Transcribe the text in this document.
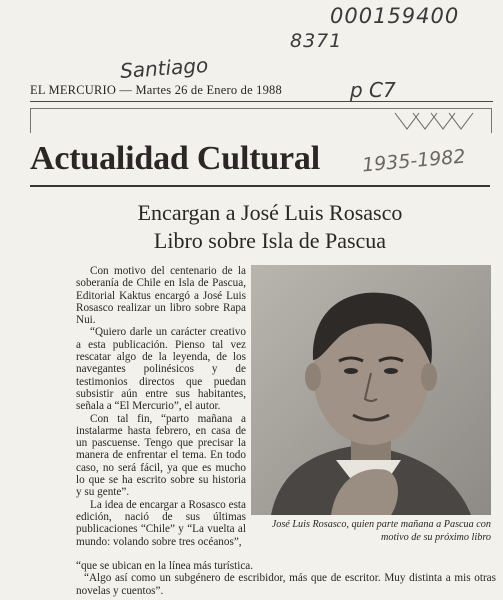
000159400
8371
Santiago
p C7
1935-1982
EL MERCURIO — Martes 26 de Enero de 1988
Actualidad Cultural
Encargan a José Luis Rosasco
Libro sobre Isla de Pascua

Con motivo del centenario de la soberanía de Chile en Isla de Pascua, Editorial Kaktus encargó a José Luis Rosasco realizar un libro sobre Rapa Nui.

“Quiero darle un carácter creativo a esta publicación. Pienso tal vez rescatar algo de la leyenda, de los navegantes polinésicos y de testimonios directos que puedan subsistir aún entre sus habitantes, señala a “El Mercurio”, el autor.

Con tal fin, “parto mañana a instalarme hasta febrero, en casa de un pascuense. Tengo que precisar la manera de enfrentar el tema. En todo caso, no será fácil, ya que es mucho lo que se ha escrito sobre su historia y su gente”.

La idea de encargar a Rosasco esta edición, nació de sus últimas publicaciones “Chile” y “La vuelta al mundo: volando sobre tres océanos”,

José Luis Rosasco, quien parte mañana a Pascua con motivo de su próximo libro

“que se ubican en la línea más turística.

“Algo así como un subgénero de escribidor, más que de escritor. Muy distinta a mis otras novelas y cuentos”.
